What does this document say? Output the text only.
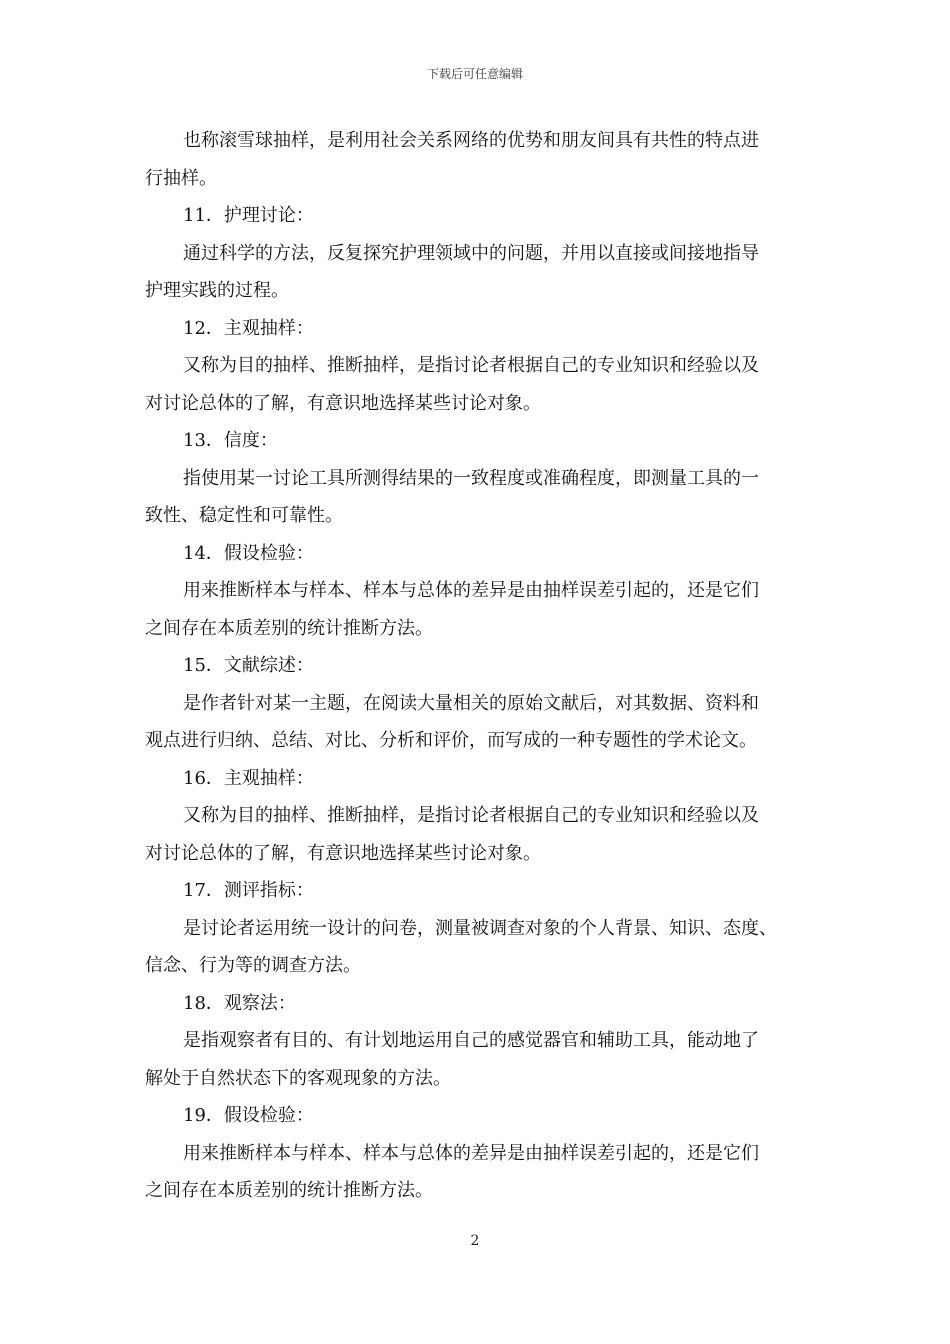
下载后可任意编辑
也称滚雪球抽样，是利用社会关系网络的优势和朋友间具有共性的特点进
行抽样。
11．护理讨论：
通过科学的方法，反复探究护理领域中的问题，并用以直接或间接地指导
护理实践的过程。
12．主观抽样：
又称为目的抽样、推断抽样，是指讨论者根据自己的专业知识和经验以及
对讨论总体的了解，有意识地选择某些讨论对象。
13．信度：
指使用某一讨论工具所测得结果的一致程度或准确程度，即测量工具的一
致性、稳定性和可靠性。
14．假设检验：
用来推断样本与样本、样本与总体的差异是由抽样误差引起的，还是它们
之间存在本质差别的统计推断方法。
15．文献综述：
是作者针对某一主题，在阅读大量相关的原始文献后，对其数据、资料和
观点进行归纳、总结、对比、分析和评价，而写成的一种专题性的学术论文。
16．主观抽样：
又称为目的抽样、推断抽样，是指讨论者根据自己的专业知识和经验以及
对讨论总体的了解，有意识地选择某些讨论对象。
17．测评指标：
是讨论者运用统一设计的问卷，测量被调查对象的个人背景、知识、态度、
信念、行为等的调查方法。
18．观察法：
是指观察者有目的、有计划地运用自己的感觉器官和辅助工具，能动地了
解处于自然状态下的客观现象的方法。
19．假设检验：
用来推断样本与样本、样本与总体的差异是由抽样误差引起的，还是它们
之间存在本质差别的统计推断方法。
2
